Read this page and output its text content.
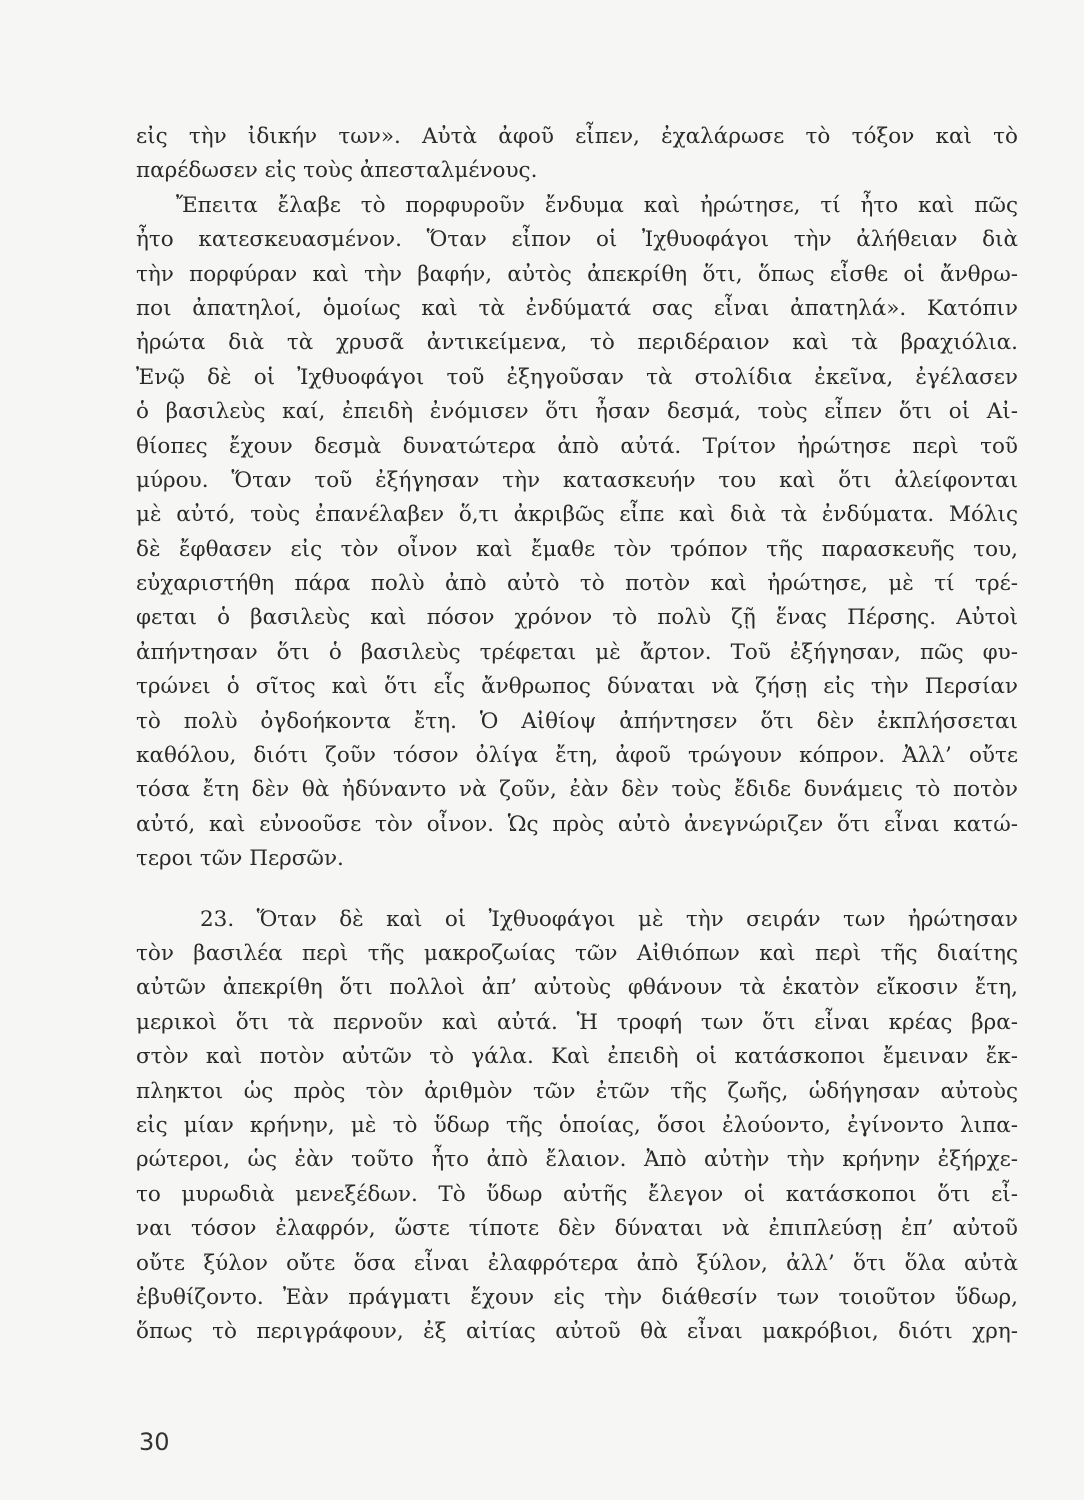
εἰς τὴν ἰδικήν των». Αὐτὰ ἀφοῦ εἶπεν, ἐχαλάρωσε τὸ τόξον καὶ τὸ
παρέδωσεν εἰς τοὺς ἀπεσταλμένους.
Ἔπειτα ἔλαβε τὸ πορφυροῦν ἔνδυμα καὶ ἠρώτησε, τί ἦτο καὶ πῶς
ἦτο κατεσκευασμένον. Ὅταν εἶπον οἱ Ἰχθυοφάγοι τὴν ἀλήθειαν διὰ
τὴν πορφύραν καὶ τὴν βαφήν, αὐτὸς ἀπεκρίθη ὅτι, ὅπως εἶσθε οἱ ἄνθρω-
ποι ἀπατηλοί, ὁμοίως καὶ τὰ ἐνδύματά σας εἶναι ἀπατηλά». Κατόπιν
ἠρώτα διὰ τὰ χρυσᾶ ἀντικείμενα, τὸ περιδέραιον καὶ τὰ βραχιόλια.
Ἐνῷ δὲ οἱ Ἰχθυοφάγοι τοῦ ἐξηγοῦσαν τὰ στολίδια ἐκεῖνα, ἐγέλασεν
ὁ βασιλεὺς καί, ἐπειδὴ ἐνόμισεν ὅτι ἦσαν δεσμά, τοὺς εἶπεν ὅτι οἱ Αἰ-
θίοπες ἔχουν δεσμὰ δυνατώτερα ἀπὸ αὐτά. Τρίτον ἠρώτησε περὶ τοῦ
μύρου. Ὅταν τοῦ ἐξήγησαν τὴν κατασκευήν του καὶ ὅτι ἀλείφονται
μὲ αὐτό, τοὺς ἐπανέλαβεν ὅ,τι ἀκριβῶς εἶπε καὶ διὰ τὰ ἐνδύματα. Μόλις
δὲ ἔφθασεν εἰς τὸν οἶνον καὶ ἔμαθε τὸν τρόπον τῆς παρασκευῆς του,
εὐχαριστήθη πάρα πολὺ ἀπὸ αὐτὸ τὸ ποτὸν καὶ ἠρώτησε, μὲ τί τρέ-
φεται ὁ βασιλεὺς καὶ πόσον χρόνον τὸ πολὺ ζῇ ἕνας Πέρσης. Αὐτοὶ
ἀπήντησαν ὅτι ὁ βασιλεὺς τρέφεται μὲ ἄρτον. Τοῦ ἐξήγησαν, πῶς φυ-
τρώνει ὁ σῖτος καὶ ὅτι εἷς ἄνθρωπος δύναται νὰ ζήσῃ εἰς τὴν Περσίαν
τὸ πολὺ ὀγδοήκοντα ἔτη. Ὁ Αἰθίοψ ἀπήντησεν ὅτι δὲν ἐκπλήσσεται
καθόλου, διότι ζοῦν τόσον ὀλίγα ἔτη, ἀφοῦ τρώγουν κόπρον. Ἀλλ’ οὔτε
τόσα ἔτη δὲν θὰ ἠδύναντο νὰ ζοῦν, ἐὰν δὲν τοὺς ἔδιδε δυνάμεις τὸ ποτὸν
αὐτό, καὶ εὐνοοῦσε τὸν οἶνον. Ὡς πρὸς αὐτὸ ἀνεγνώριζεν ὅτι εἶναι κατώ-
τεροι τῶν Περσῶν.
23. Ὅταν δὲ καὶ οἱ Ἰχθυοφάγοι μὲ τὴν σειράν των ἠρώτησαν
τὸν βασιλέα περὶ τῆς μακροζωίας τῶν Αἰθιόπων καὶ περὶ τῆς διαίτης
αὐτῶν ἀπεκρίθη ὅτι πολλοὶ ἀπ’ αὐτοὺς φθάνουν τὰ ἑκατὸν εἴκοσιν ἔτη,
μερικοὶ ὅτι τὰ περνοῦν καὶ αὐτά. Ἡ τροφή των ὅτι εἶναι κρέας βρα-
στὸν καὶ ποτὸν αὐτῶν τὸ γάλα. Καὶ ἐπειδὴ οἱ κατάσκοποι ἔμειναν ἔκ-
πληκτοι ὡς πρὸς τὸν ἀριθμὸν τῶν ἐτῶν τῆς ζωῆς, ὡδήγησαν αὐτοὺς
εἰς μίαν κρήνην, μὲ τὸ ὕδωρ τῆς ὁποίας, ὅσοι ἐλούοντο, ἐγίνοντο λιπα-
ρώτεροι, ὡς ἐὰν τοῦτο ἦτο ἀπὸ ἔλαιον. Ἀπὸ αὐτὴν τὴν κρήνην ἐξήρχε-
το μυρωδιὰ μενεξέδων. Τὸ ὕδωρ αὐτῆς ἔλεγον οἱ κατάσκοποι ὅτι εἶ-
ναι τόσον ἐλαφρόν, ὥστε τίποτε δὲν δύναται νὰ ἐπιπλεύσῃ ἐπ’ αὐτοῦ
οὔτε ξύλον οὔτε ὅσα εἶναι ἐλαφρότερα ἀπὸ ξύλον, ἀλλ’ ὅτι ὅλα αὐτὰ
ἐβυθίζοντο. Ἐὰν πράγματι ἔχουν εἰς τὴν διάθεσίν των τοιοῦτον ὕδωρ,
ὅπως τὸ περιγράφουν, ἐξ αἰτίας αὐτοῦ θὰ εἶναι μακρόβιοι, διότι χρη-
30
